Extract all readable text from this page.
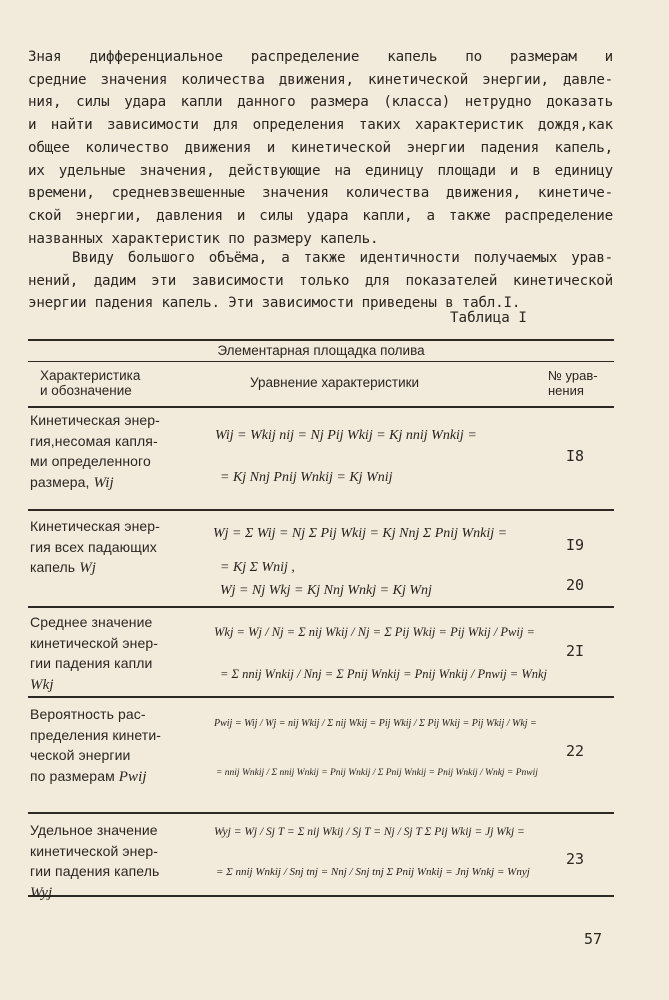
Зная дифференциальное распределение капель по размерам и
средние значения количества движения, кинетической энергии, давле-
ния, силы удара капли данного размера (класса) нетрудно доказать
и найти зависимости для определения таких характеристик дождя,как
общее количество движения и кинетической энергии падения капель,
их удельные значения, действующие на единицу площади и в единицу
времени, средневзвешенные значения количества движения, кинетиче-
ской энергии, давления и силы удара капли, а также распределение
названных характеристик по размеру капель.
Ввиду большого объёма, а также идентичности получаемых урав-
нений, дадим эти зависимости только для показателей кинетической
энергии падения капель. Эти зависимости приведены в табл.I.
Таблица I
Элементарная площадка полива
Характеристика
и обозначение
Уравнение характеристики	№ урав-
нения
Кинетическая энер-
гия,несомая капля-
ми определенного
размера, Wij
Wij = Wkij nij = Nj Pij Wkij = Kj nnij Wnkij =
= Kj Nnj Pnij Wnkij = Kj Wnij
I8
Кинетическая энер-
гия всех падающих
капель Wj
Wj = Σ Wij = Nj Σ Pij Wkij = Kj Nnj Σ Pnij Wnkij =
= Kj Σ Wnij ,
Wj = Nj Wkj = Kj Nnj Wnkj = Kj Wnj
I9
20
Среднее значение
кинетической энер-
гии падения капли
Wkj
Wkj = Wj / Nj = Σ nij Wkij / Nj = Σ Pij Wkij = Pij Wkij / Pwij =
= Σ nnij Wnkij / Nnj = Σ Pnij Wnkij = Pnij Wnkij / Pnwij = Wnkj
2I
Вероятность рас-
пределения кинети-
ческой энергии
по размерам Pwij
Pwij = Wij / Wj = nij Wkij / Σ nij Wkij = Pij Wkij / Σ Pij Wkij = Pij Wkij / Wkj =
= nnij Wnkij / Σ nnij Wnkij = Pnij Wnkij / Σ Pnij Wnkij = Pnij Wnkij / Wnkj = Pnwij
22
Удельное значение
кинетической энер-
гии падения капель
Wyj
Wyj = Wj / Sj T = Σ nij Wkij / Sj T = Nj / Sj T Σ Pij Wkij = Jj Wkj =
= Σ nnij Wnkij / Snj tnj = Nnj / Snj tnj Σ Pnij Wnkij = Jnj Wnkj = Wnyj
23
57
